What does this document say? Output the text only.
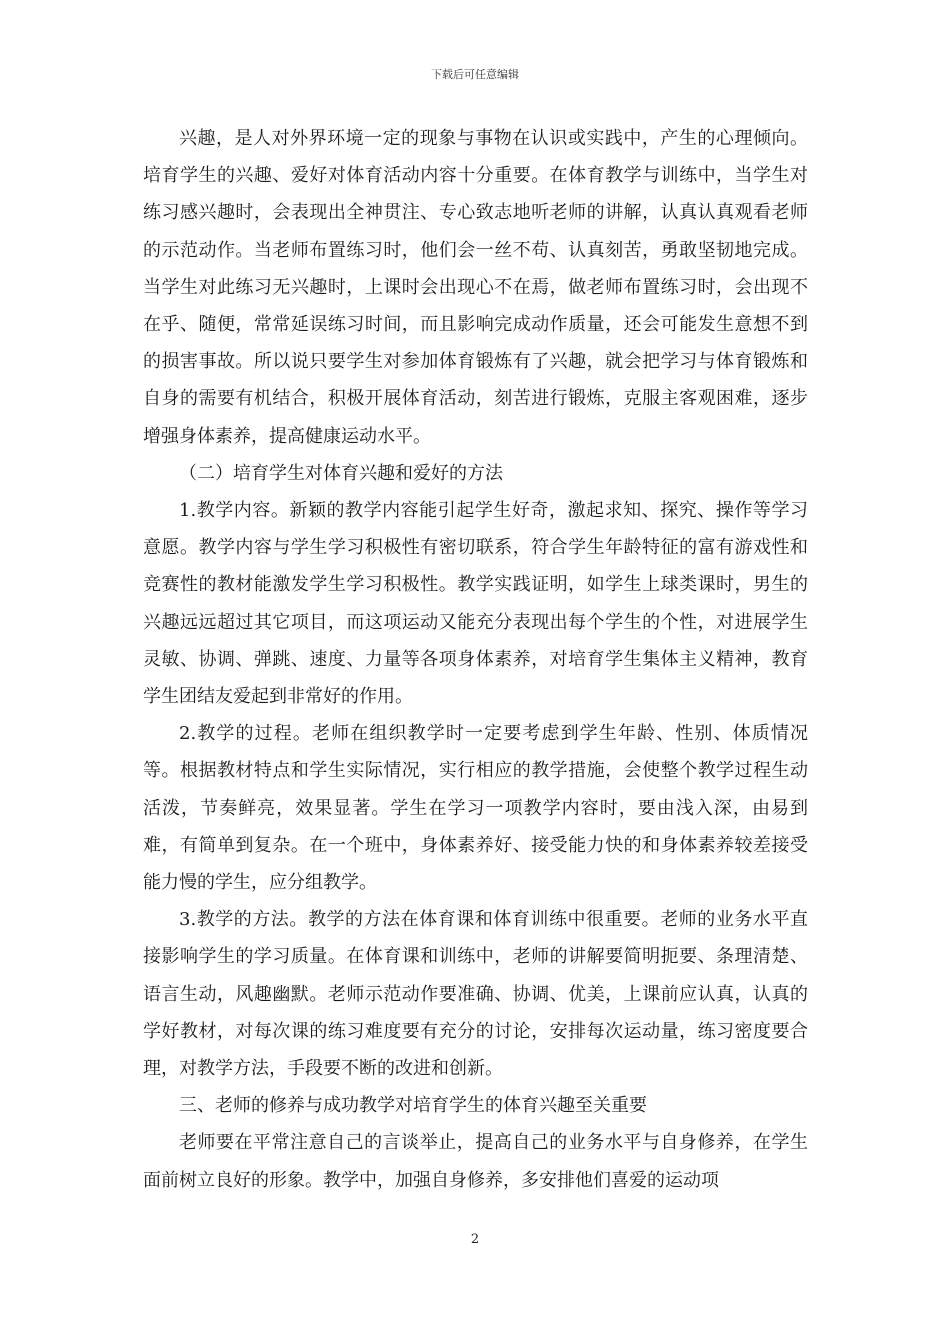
下载后可任意编辑

兴趣，是人对外界环境一定的现象与事物在认识或实践中，产生的心理倾向。培育学生的兴趣、爱好对体育活动内容十分重要。在体育教学与训练中，当学生对练习感兴趣时，会表现出全神贯注、专心致志地听老师的讲解，认真认真观看老师的示范动作。当老师布置练习时，他们会一丝不苟、认真刻苦，勇敢坚韧地完成。当学生对此练习无兴趣时，上课时会出现心不在焉，做老师布置练习时，会出现不在乎、随便，常常延误练习时间，而且影响完成动作质量，还会可能发生意想不到的损害事故。所以说只要学生对参加体育锻炼有了兴趣，就会把学习与体育锻炼和自身的需要有机结合，积极开展体育活动，刻苦进行锻炼，克服主客观困难，逐步增强身体素养，提高健康运动水平。

（二）培育学生对体育兴趣和爱好的方法

1.教学内容。新颖的教学内容能引起学生好奇，激起求知、探究、操作等学习意愿。教学内容与学生学习积极性有密切联系，符合学生年龄特征的富有游戏性和竞赛性的教材能激发学生学习积极性。教学实践证明，如学生上球类课时，男生的兴趣远远超过其它项目，而这项运动又能充分表现出每个学生的个性，对进展学生灵敏、协调、弹跳、速度、力量等各项身体素养，对培育学生集体主义精神，教育学生团结友爱起到非常好的作用。

2.教学的过程。老师在组织教学时一定要考虑到学生年龄、性别、体质情况等。根据教材特点和学生实际情况，实行相应的教学措施，会使整个教学过程生动活泼，节奏鲜亮，效果显著。学生在学习一项教学内容时，要由浅入深，由易到难，有简单到复杂。在一个班中，身体素养好、接受能力快的和身体素养较差接受能力慢的学生，应分组教学。

3.教学的方法。教学的方法在体育课和体育训练中很重要。老师的业务水平直接影响学生的学习质量。在体育课和训练中，老师的讲解要简明扼要、条理清楚、语言生动，风趣幽默。老师示范动作要准确、协调、优美，上课前应认真，认真的学好教材，对每次课的练习难度要有充分的讨论，安排每次运动量，练习密度要合理，对教学方法，手段要不断的改进和创新。

三、老师的修养与成功教学对培育学生的体育兴趣至关重要

老师要在平常注意自己的言谈举止，提高自己的业务水平与自身修养，在学生面前树立良好的形象。教学中，加强自身修养，多安排他们喜爱的运动项

2
